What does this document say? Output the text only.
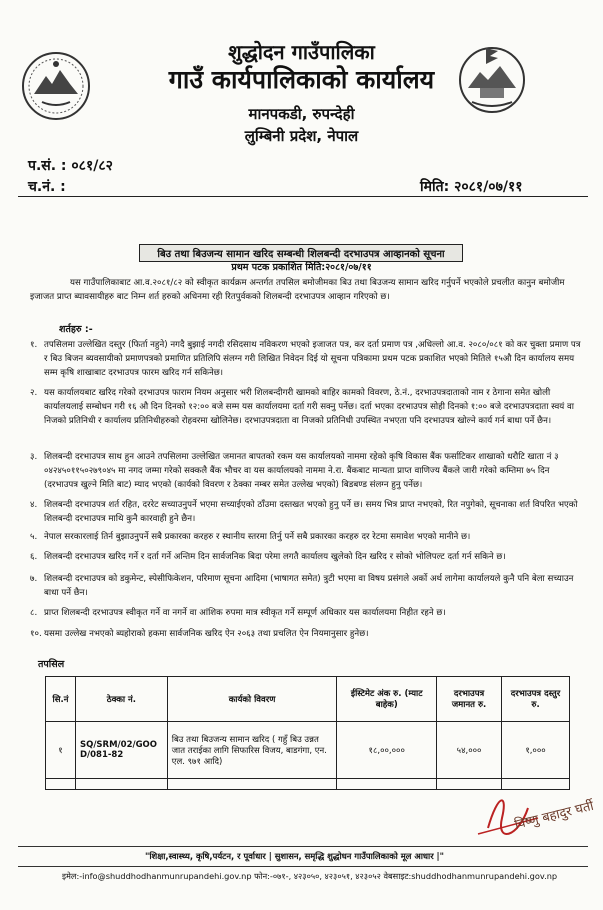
शुद्धोदन गाउँपालिका
गाउँ कार्यपालिकाको कार्यालय
मानपकडी, रुपन्देही
लुम्बिनी प्रदेश, नेपाल
प.सं. : ०८१/८२
च.नं. :	मिति: २०८१/०७/११
बिउ तथा बिउजन्य सामान खरिद सम्बन्धी शिलबन्दी दरभाउपत्र आव्हानको सूचना
प्रथम पटक प्रकाशित मिति:२०८१/०७/११
यस गाउँपालिकाबाट आ.व.२०८१/८२ को स्वीकृत कार्यक्रम अन्तर्गत तपसिल बमोजीमका बिउ तथा बिउजन्य सामान खरिद गर्नुपर्ने भएकोले प्रचलीत कानुन बमोजीम इजाजत प्राप्त ब्यावसायीहरु बाट निम्न शर्त हरुको अधिनमा रही रितपुर्वकको शिलबन्दी दरभाउपत्र आव्हान गरिएको छ।
शर्तहरु :-
१. तपसिलमा उल्लेखित दस्तुर (फिर्ता नहुने) नगदै बुझाई नगदी रसिदसाथ नविकरण भएको इजाजत पत्र, कर दर्ता प्रमाण पत्र ,अधिल्लो आ.व. २०८०/०८१ को कर चुक्ता प्रमाण पत्र र बिउ बिजन ब्यवसायीको प्रमाणपत्रको प्रमाणित प्रतिलिपि संलग्न गरी लिखित निवेदन दिई यो सूचना पत्रिकामा प्रथम पटक प्रकाशित भएको मितिले १५औ दिन कार्यालय समय सम्म कृषि शाखाबाट दरभाउपत्र फारम खरिद गर्न सकिनेछ।
२. यस कार्यालयबाट खरिद गरेको दरभाउपत्र फाराम नियम अनुसार भरी शिलबन्दीगरी खामको बाहिर कामको विवरण, ठे.नं., दरभाउपत्रदाताको नाम र ठेगाना समेत खोली कार्यालयलाई सम्बोधन गरी १६ औ दिन दिनको १२:०० बजे सम्म यस कार्यालयमा दर्ता गरी सक्नु पर्नेछ। दर्ता भएका दरभाउपत्र सोही दिनको १:०० बजे दरभाउपत्रदाता स्वयं वा निजको प्रतिनिधी र कार्यालय प्रतिनिधीहरुको रोहवरमा खोलिनेछ। दरभाउपत्रदाता वा निजको प्रतिनिधी उपस्थित नभएता पनि दरभाउपत्र खोल्ने कार्य गर्न बाधा पर्ने छैन।
३. शिलबन्दी दरभाउपत्र साथ हुन आउने तपसिलमा उल्लेखित जमानत बापतको रकम यस कार्यालयको नाममा रहेको कृषि विकास बैंक फर्साटिकर शाखाको धरौटि खाता नं ३ ०४२४५०११५०२७९०४५ मा नगद जम्मा गरेको सक्कलै बैंक भौचर वा यस कार्यालयको नाममा ने.रा. बैंकबाट मान्यता प्राप्त वाणिज्य बैंकले जारी गरेको कम्तिमा ७५ दिन (दरभाउपत्र खुल्ने मिति बाट) म्याद भएको (कार्यको विवरण र ठेक्का नम्बर समेत उल्लेख भएको) बिडबण्ड संलग्न हुनु पर्नेछ।
४. शिलबन्दी दरभाउपत्र शर्त रहित, दररेट सच्याउनुपर्ने भएमा सच्याईएको ठाँउमा दस्तखत भएको हुनु पर्ने छ। समय भित्र प्राप्त नभएको, रित नपुगेको, सूचनाका शर्त विपरित भएको शिलबन्दी दरभाउपत्र माथि कुनै कारवाही हुने छैन।
५. नेपाल सरकारलाई तिर्न बुझाउनुपर्ने सबै प्रकारका करहरु र स्थानीय स्तरमा तिर्नु पर्ने सबै प्रकारका करहरु दर रेटमा समावेश भएको मानीने छ।
६. शिलबन्दी दरभाउपत्र खरिद गर्ने र दर्ता गर्ने अन्तिम दिन सार्वजनिक बिदा परेमा लगतै कार्यालय खुलेको दिन खरिद र सोको भोलिपल्ट दर्ता गर्न सकिने छ।
७. शिलबन्दी दरभाउपत्र को डकुमेन्ट, स्पेसीफिकेशन, परिमाण सूचना आदिमा (भाषागत समेत) त्रुटी भएमा वा विषय प्रसंगले अर्को अर्थ लागेमा कार्यालयले कुनै पनि बेला सच्याउन बाधा पर्ने छैन।
८. प्राप्त शिलबन्दी दरभाउपत्र स्वीकृत गर्ने वा नगर्ने वा आंशिक रुपमा मात्र स्वीकृत गर्ने सम्पूर्ण अधिकार यस कार्यालयमा निहीत रहने छ।
१०. यसमा उल्लेख नभएको ब्यहोराको हकमा सार्वजनिक खरिद ऐन २०६३ तथा प्रचलित ऐन नियमानुसार हुनेछ।
तपसिल
सि.नं	ठेक्का नं.	कार्यको विवरण	ईस्टिमेट अंक रु. (म्याट बाहेक)	दरभाउपत्र जमानत रु.	दरभाउपत्र दस्तुर रु.
१	SQ/SRM/02/GOOD/081-82	बिउ तथा बिउजन्य सामान खरिद ( गहुँ बिउ उन्नत जात तराईका लागि सिफारिस विजय, बाडगंगा, एन. एल. ९७१ आदि)	१८,००,०००	५४,०००	१,०००

विष्णु बहादुर घर्ती
"शिक्षा,स्वास्थ्य, कृषि,पर्यटन, र पूर्वाधार | सुशासन, समृद्धि शुद्धोधन गाउँपालिकाको मूल आधार |"
इमेल:-info@shuddhodhanmunrupandehi.gov.np फोन:-०७१-, ४२३०५०, ४२३०५१, ४२३०५२ वेबसाइट:shuddhodhanmunrupandehi.gov.np
